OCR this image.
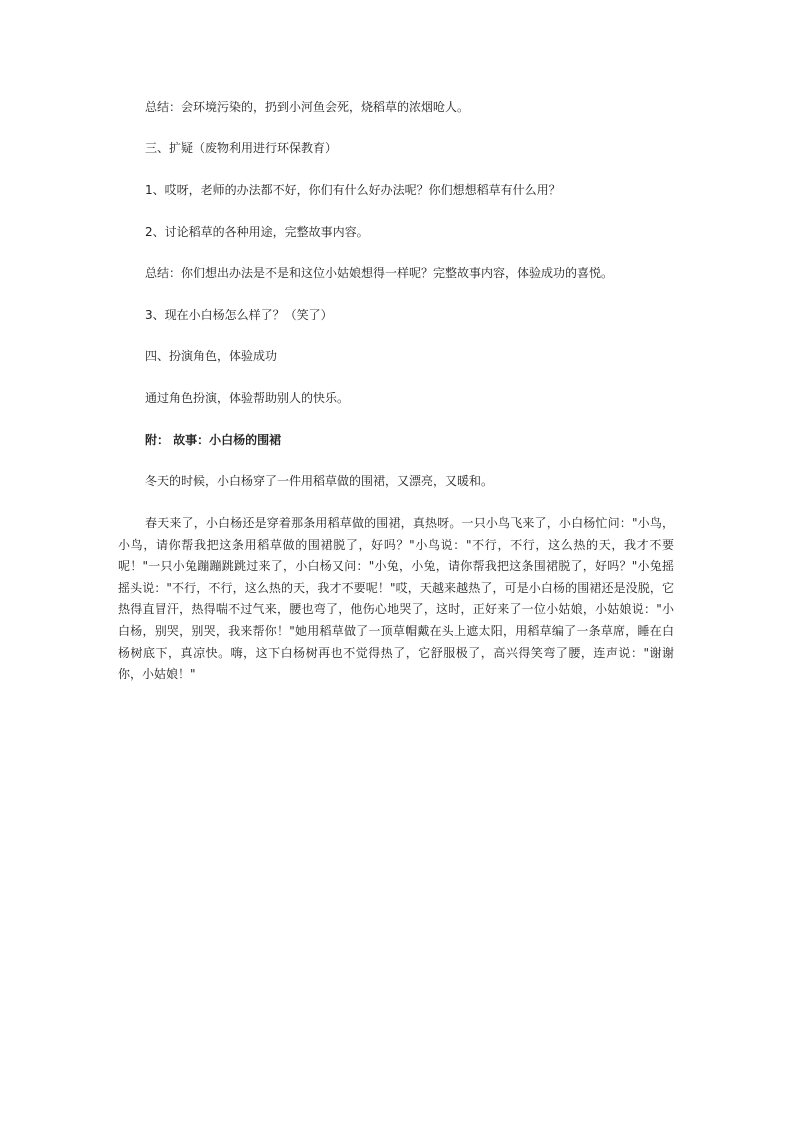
总结：会环境污染的，扔到小河鱼会死，烧稻草的浓烟呛人。

三、扩疑（废物利用进行环保教育）

1、哎呀，老师的办法都不好，你们有什么好办法呢？你们想想稻草有什么用？

2、讨论稻草的各种用途，完整故事内容。

总结：你们想出办法是不是和这位小姑娘想得一样呢？完整故事内容，体验成功的喜悦。

3、现在小白杨怎么样了？（笑了）

四、扮演角色，体验成功

通过角色扮演，体验帮助别人的快乐。

附： 故事：小白杨的围裙

冬天的时候，小白杨穿了一件用稻草做的围裙，又漂亮，又暖和。

春天来了，小白杨还是穿着那条用稻草做的围裙，真热呀。一只小鸟飞来了，小白杨忙问："小鸟，小鸟，请你帮我把这条用稻草做的围裙脱了，好吗？"小鸟说："不行，不行，这么热的天，我才不要呢！"一只小兔蹦蹦跳跳过来了，小白杨又问："小兔，小兔，请你帮我把这条围裙脱了，好吗？"小兔摇摇头说："不行，不行，这么热的天，我才不要呢！"哎，天越来越热了，可是小白杨的围裙还是没脱，它热得直冒汗，热得喘不过气来，腰也弯了，他伤心地哭了，这时，正好来了一位小姑娘，小姑娘说："小白杨，别哭，别哭，我来帮你！"她用稻草做了一顶草帽戴在头上遮太阳，用稻草编了一条草席，睡在白杨树底下，真凉快。嗨，这下白杨树再也不觉得热了，它舒服极了，高兴得笑弯了腰，连声说："谢谢你，小姑娘！"
